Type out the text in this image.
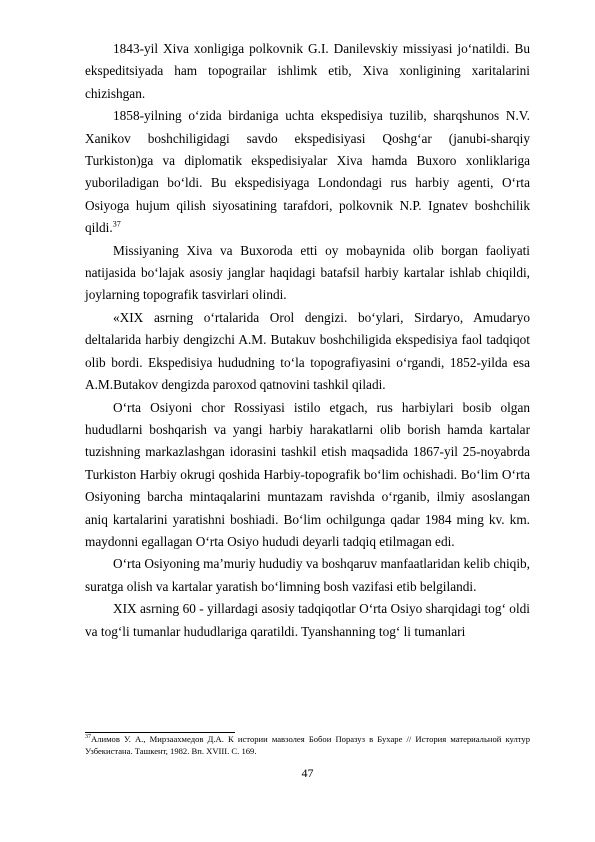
1843-yil Xiva xonligiga polkovnik G.I. Danilevskiy missiyasi jo‘natildi. Bu ekspeditsiyada ham topograilar ishlimk etib, Xiva xonligining xaritalarini chizishgan.

1858-yilning o‘zida birdaniga uchta ekspedisiya tuzilib, sharqshunos N.V. Xanikov boshchiligidagi savdo ekspedisiyasi Qoshg‘ar (janubi-sharqiy Turkiston)ga va diplomatik ekspedisiyalar Xiva hamda Buxoro xonliklariga yuboriladigan bo‘ldi. Bu ekspedisiyaga Londondagi rus harbiy agenti, O‘rta Osiyoga hujum qilish siyosatining tarafdori, polkovnik N.P. Ignatev boshchilik qildi.$^{37}$

Missiyaning Xiva va Buxoroda etti oy mobaynida olib borgan faoliyati natijasida bo‘lajak asosiy janglar haqidagi batafsil harbiy kartalar ishlab chiqildi, joylarning topografik tasvirlari olindi.

«XIX asrning o‘rtalarida Orol dengizi. bo‘ylari, Sirdaryo, Amudaryo deltalarida harbiy dengizchi A.M. Butakuv boshchiligida ekspedisiya faol tadqiqot olib bordi. Ekspedisiya hududning to‘la topografiyasini o‘rgandi, 1852-yilda esa A.M.Butakov dengizda paroxod qatnovini tashkil qiladi.

O‘rta Osiyoni chor Rossiyasi istilo etgach, rus harbiylari bosib olgan hududlarni boshqarish va yangi harbiy harakatlarni olib borish hamda kartalar tuzishning markazlashgan idorasini tashkil etish maqsadida 1867-yil 25-noyabrda Turkiston Harbiy okrugi qoshida Harbiy-topografik bo‘lim ochishadi. Bo‘lim O‘rta Osiyoning barcha mintaqalarini muntazam ravishda o‘rganib, ilmiy asoslangan aniq kartalarini yaratishni boshiadi. Bo‘lim ochilgunga qadar 1984 ming kv. km. maydonni egallagan O‘rta Osiyo hududi deyarli tadqiq etilmagan edi.

O‘rta Osiyoning ma’muriy hududiy va boshqaruv manfaatlaridan kelib chiqib, suratga olish va kartalar yaratish bo‘limning bosh vazifasi etib belgilandi.

XIX asrning 60 - yillardagi asosiy tadqiqotlar O‘rta Osiyo sharqidagi tog‘ oldi va tog‘li tumanlar hududlariga qaratildi. Tyanshanning tog‘ li tumanlari

$^{37}$Алимов У. А., Мирзаахмедов Д.А. К истории мавзолея Бобои Поразуз в Бухаре // История материальной култур Узбекистана. Ташкент, 1982. Вп. XVIII. С. 169.

47
